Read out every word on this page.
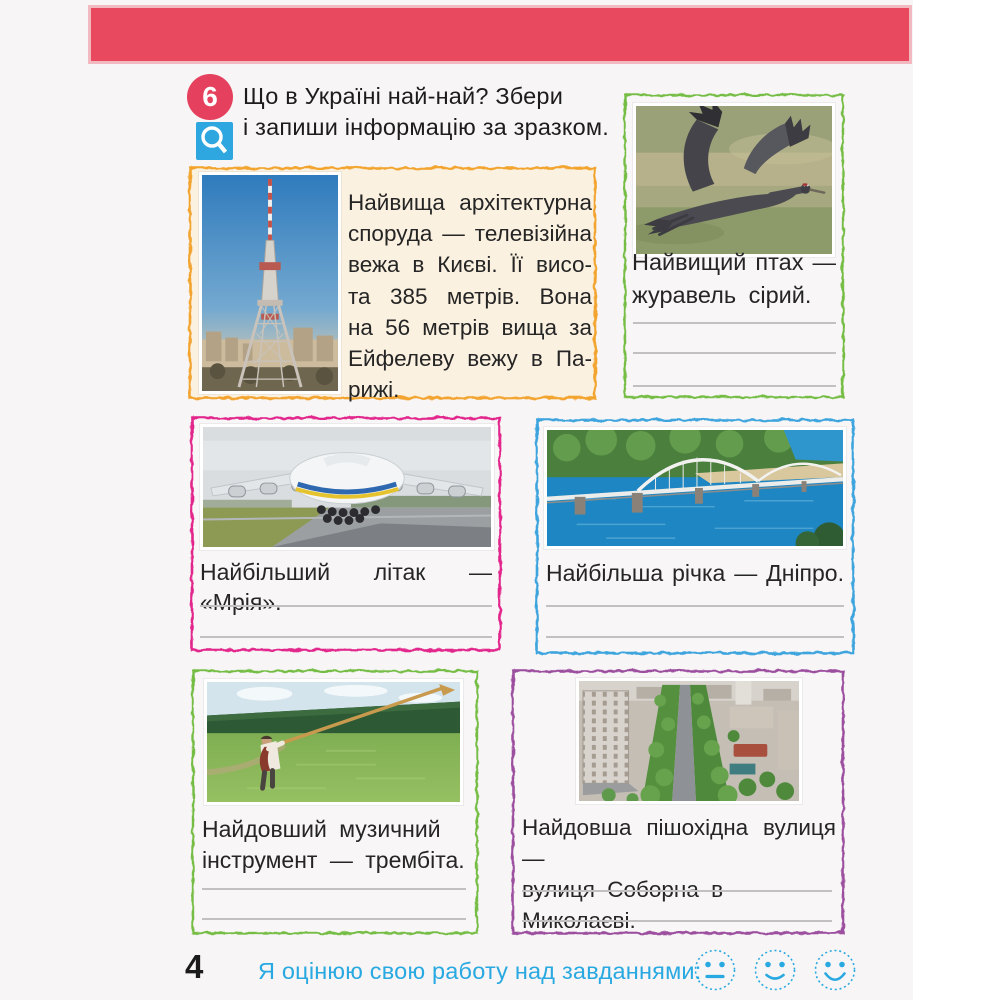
6	Що в Україні най-най? Збери
і запиши інформацію за зразком.
Найвища архітектурна
споруда — телевізійна
вежа в Києві. Її висо-
та 385 метрів. Вона
на 56 метрів вища за
Ейфелеву вежу в Па-
рижі.
Найвищий птах —
журавель сірий.
Найбільший літак — «Мрія».
Найбільша річка — Дніпро.
Найдовший музичний
інструмент — трембіта.
Найдовша пішохідна вулиця —
вулиця Соборна в Миколаєві.
4 Я оцінюю свою работу над завданнями:
